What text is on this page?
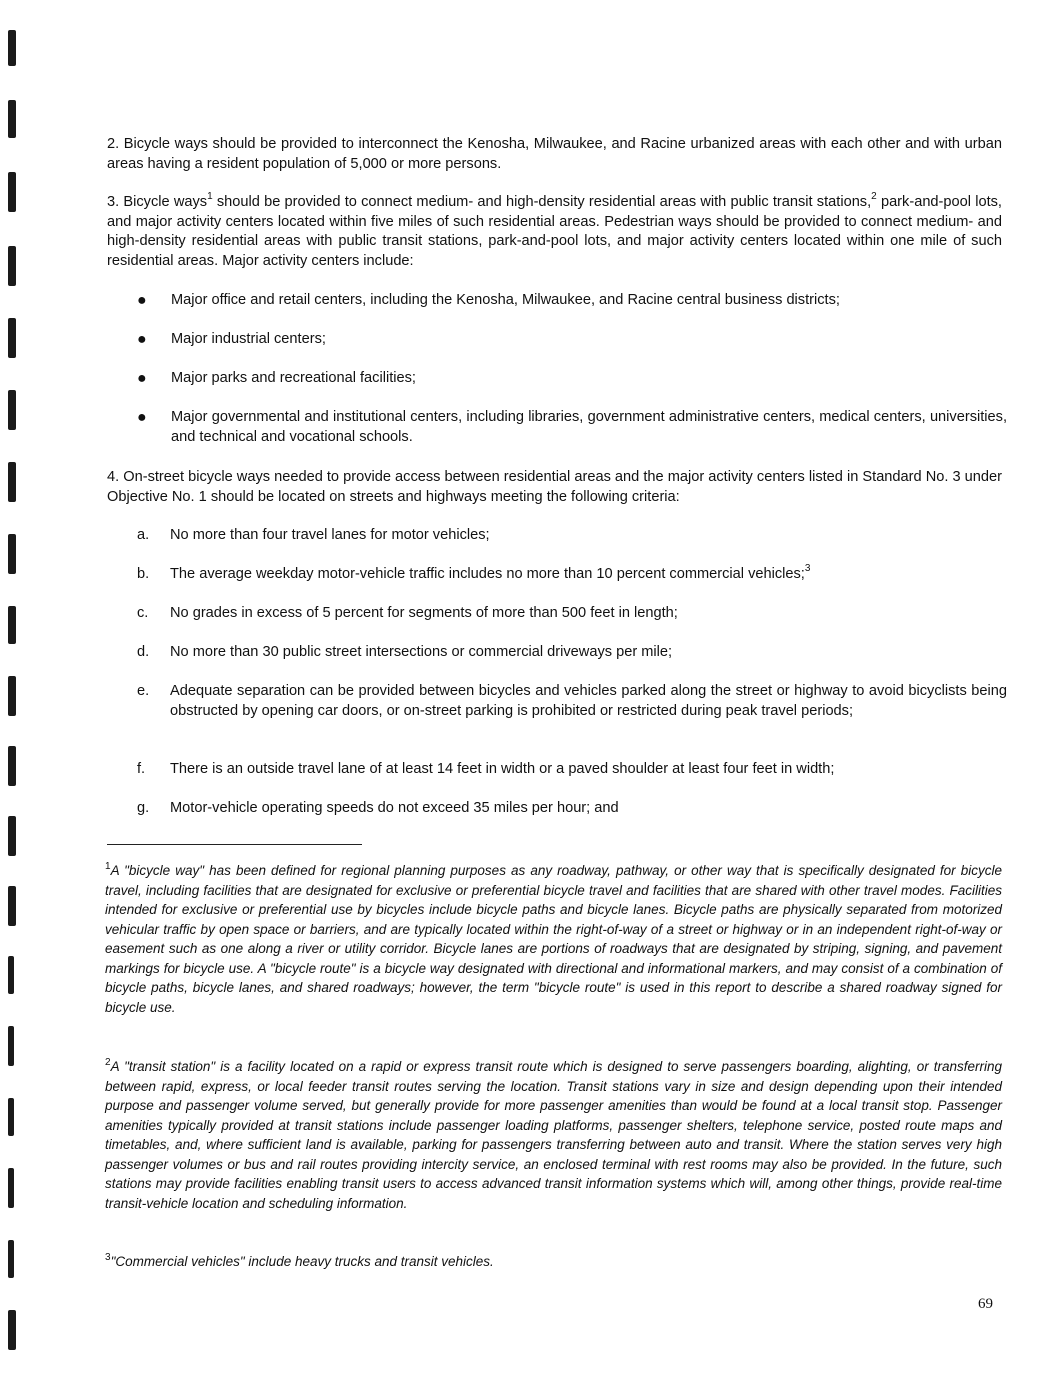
2. Bicycle ways should be provided to interconnect the Kenosha, Milwaukee, and Racine urbanized areas with each other and with urban areas having a resident population of 5,000 or more persons.

3. Bicycle ways$^1$ should be provided to connect medium- and high-density residential areas with public transit stations,$^2$ park-and-pool lots, and major activity centers located within five miles of such residential areas. Pedestrian ways should be provided to connect medium- and high-density residential areas with public transit stations, park-and-pool lots, and major activity centers located within one mile of such residential areas. Major activity centers include:

●	Major office and retail centers, including the Kenosha, Milwaukee, and Racine central business districts;
●	Major industrial centers;
●	Major parks and recreational facilities;
●	Major governmental and institutional centers, including libraries, government administrative centers, medical centers, universities, and technical and vocational schools.

4. On-street bicycle ways needed to provide access between residential areas and the major activity centers listed in Standard No. 3 under Objective No. 1 should be located on streets and highways meeting the following criteria:

a.	No more than four travel lanes for motor vehicles;
b.	The average weekday motor-vehicle traffic includes no more than 10 percent commercial vehicles;$^3$
c.	No grades in excess of 5 percent for segments of more than 500 feet in length;
d.	No more than 30 public street intersections or commercial driveways per mile;
e.	Adequate separation can be provided between bicycles and vehicles parked along the street or highway to avoid bicyclists being obstructed by opening car doors, or on-street parking is prohibited or restricted during peak travel periods;
f.	There is an outside travel lane of at least 14 feet in width or a paved shoulder at least four feet in width;
g.	Motor-vehicle operating speeds do not exceed 35 miles per hour; and

$^1$A "bicycle way" has been defined for regional planning purposes as any roadway, pathway, or other way that is specifically designated for bicycle travel, including facilities that are designated for exclusive or preferential bicycle travel and facilities that are shared with other travel modes. Facilities intended for exclusive or preferential use by bicycles include bicycle paths and bicycle lanes. Bicycle paths are physically separated from motorized vehicular traffic by open space or barriers, and are typically located within the right-of-way of a street or highway or in an independent right-of-way or easement such as one along a river or utility corridor. Bicycle lanes are portions of roadways that are designated by striping, signing, and pavement markings for bicycle use. A "bicycle route" is a bicycle way designated with directional and informational markers, and may consist of a combination of bicycle paths, bicycle lanes, and shared roadways; however, the term "bicycle route" is used in this report to describe a shared roadway signed for bicycle use.

$^2$A "transit station" is a facility located on a rapid or express transit route which is designed to serve passengers boarding, alighting, or transferring between rapid, express, or local feeder transit routes serving the location. Transit stations vary in size and design depending upon their intended purpose and passenger volume served, but generally provide for more passenger amenities than would be found at a local transit stop. Passenger amenities typically provided at transit stations include passenger loading platforms, passenger shelters, telephone service, posted route maps and timetables, and, where sufficient land is available, parking for passengers transferring between auto and transit. Where the station serves very high passenger volumes or bus and rail routes providing intercity service, an enclosed terminal with rest rooms may also be provided. In the future, such stations may provide facilities enabling transit users to access advanced transit information systems which will, among other things, provide real-time transit-vehicle location and scheduling information.

$^3$"Commercial vehicles" include heavy trucks and transit vehicles.

69
